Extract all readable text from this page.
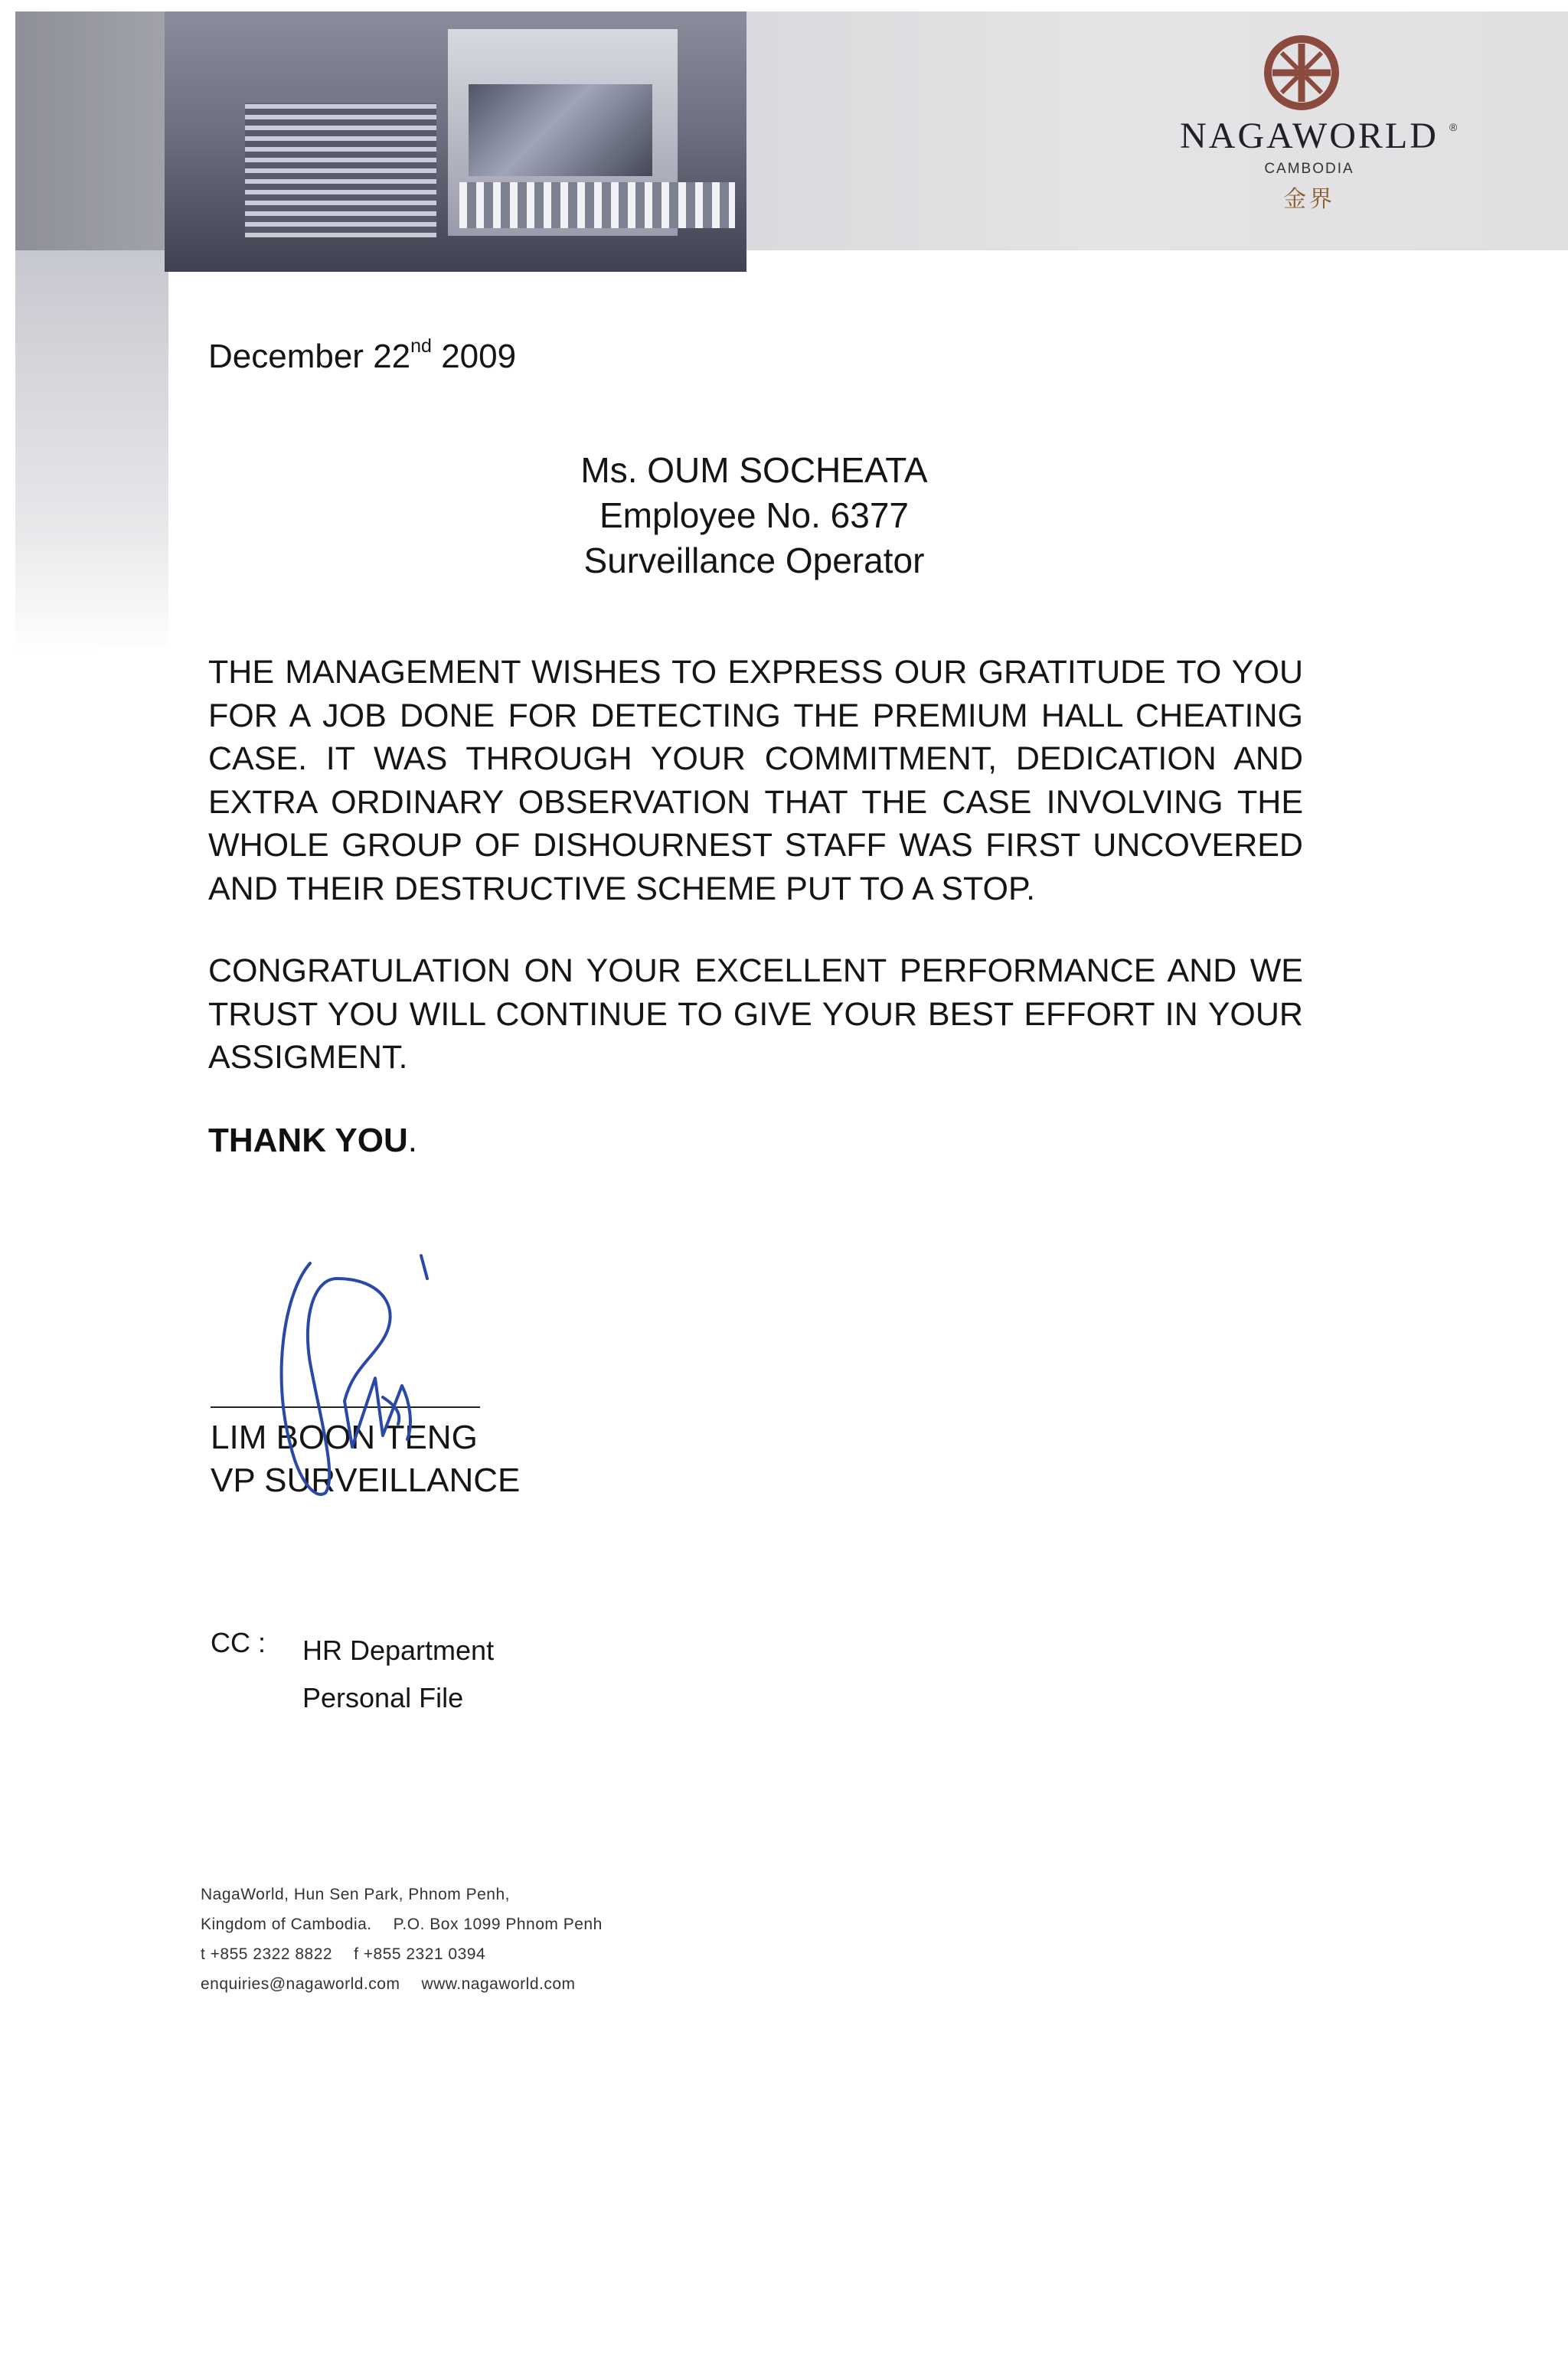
NAGAWORLD	®
CAMBODIA
金界
December 22nd 2009
Ms. OUM SOCHEATA
Employee No. 6377
Surveillance Operator
THE MANAGEMENT WISHES TO EXPRESS OUR GRATITUDE TO YOU
FOR A JOB DONE FOR DETECTING THE PREMIUM HALL CHEATING
CASE. IT WAS THROUGH YOUR COMMITMENT, DEDICATION AND
EXTRA ORDINARY OBSERVATION THAT THE CASE INVOLVING THE
WHOLE GROUP OF DISHOURNEST STAFF WAS FIRST UNCOVERED
AND THEIR DESTRUCTIVE SCHEME PUT TO A STOP.
CONGRATULATION ON YOUR EXCELLENT PERFORMANCE AND WE
TRUST YOU WILL CONTINUE TO GIVE YOUR BEST EFFORT IN YOUR
ASSIGMENT.
THANK YOU.
LIM BOON TENG
VP SURVEILLANCE
CC : HR Department
Personal File
NagaWorld, Hun Sen Park, Phnom Penh,
Kingdom of Cambodia. P.O. Box 1099 Phnom Penh
t +855 2322 8822 f +855 2321 0394
enquiries@nagaworld.com www.nagaworld.com
